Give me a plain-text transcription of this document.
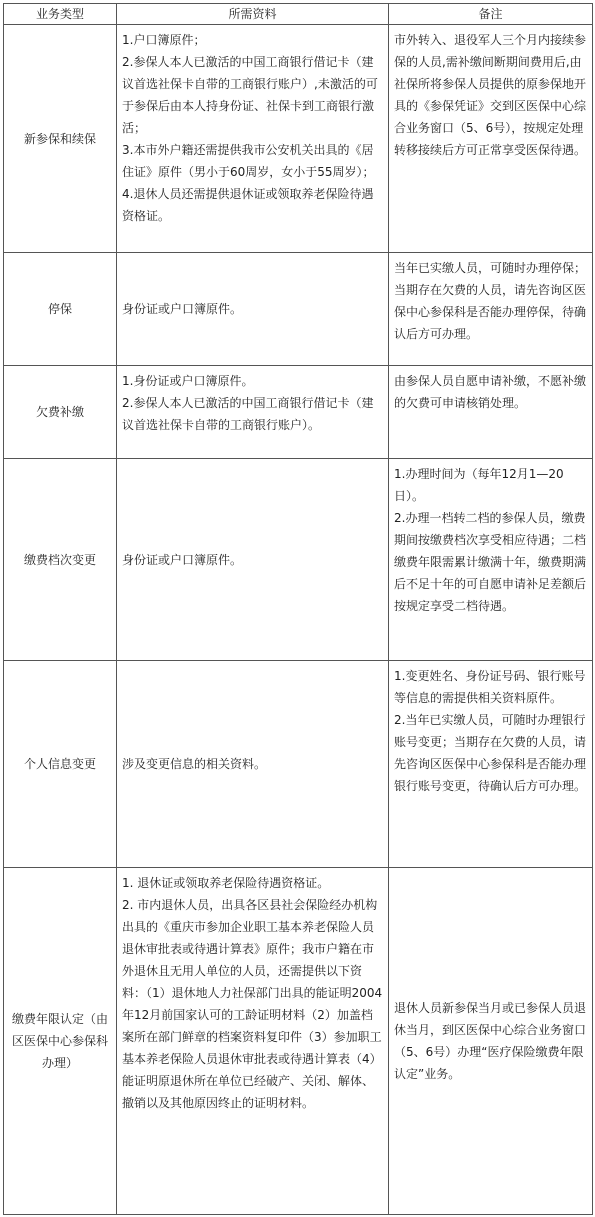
业务类型	所需资料	备注
新参保和续保	1.户口簿原件；
2.参保人本人已激活的中国工商银行借记卡（建议首选社保卡自带的工商银行账户）,未激活的可于参保后由本人持身份证、社保卡到工商银行激活；
3.本市外户籍还需提供我市公安机关出具的《居住证》原件（男小于60周岁，女小于55周岁）；
4.退休人员还需提供退休证或领取养老保险待遇资格证。	市外转入、退役军人三个月内接续参保的人员,需补缴间断期间费用后,由社保所将参保人员提供的原参保地开具的《参保凭证》交到区医保中心综合业务窗口（5、6号），按规定处理转移接续后方可正常享受医保待遇。

停保	身份证或户口簿原件。	当年已实缴人员，可随时办理停保；当期存在欠费的人员，请先咨询区医保中心参保科是否能办理停保，待确认后方可办理。

欠费补缴	1.身份证或户口簿原件。
2.参保人本人已激活的中国工商银行借记卡（建议首选社保卡自带的工商银行账户）。	由参保人员自愿申请补缴，不愿补缴的欠费可申请核销处理。

缴费档次变更	身份证或户口簿原件。	1.办理时间为（每年12月1—20日）。
2.办理一档转二档的参保人员，缴费期间按缴费档次享受相应待遇；二档缴费年限需累计缴满十年，缴费期满后不足十年的可自愿申请补足差额后按规定享受二档待遇。

个人信息变更	涉及变更信息的相关资料。	1.变更姓名、身份证号码、银行账号等信息的需提供相关资料原件。
2.当年已实缴人员，可随时办理银行账号变更；当期存在欠费的人员，请先咨询区医保中心参保科是否能办理银行账号变更，待确认后方可办理。

缴费年限认定（由区医保中心参保科办理）	1. 退休证或领取养老保险待遇资格证。
2. 市内退休人员，出具各区县社会保险经办机构出具的《重庆市参加企业职工基本养老保险人员退休审批表或待遇计算表》原件；我市户籍在市外退休且无用人单位的人员，还需提供以下资料：（1）退休地人力社保部门出具的能证明2004年12月前国家认可的工龄证明材料（2）加盖档案所在部门鲜章的档案资料复印件（3）参加职工基本养老保险人员退休审批表或待遇计算表（4）能证明原退休所在单位已经破产、关闭、解体、撤销以及其他原因终止的证明材料。	退休人员新参保当月或已参保人员退休当月，到区医保中心综合业务窗口（5、6号）办理“医疗保险缴费年限认定”业务。
